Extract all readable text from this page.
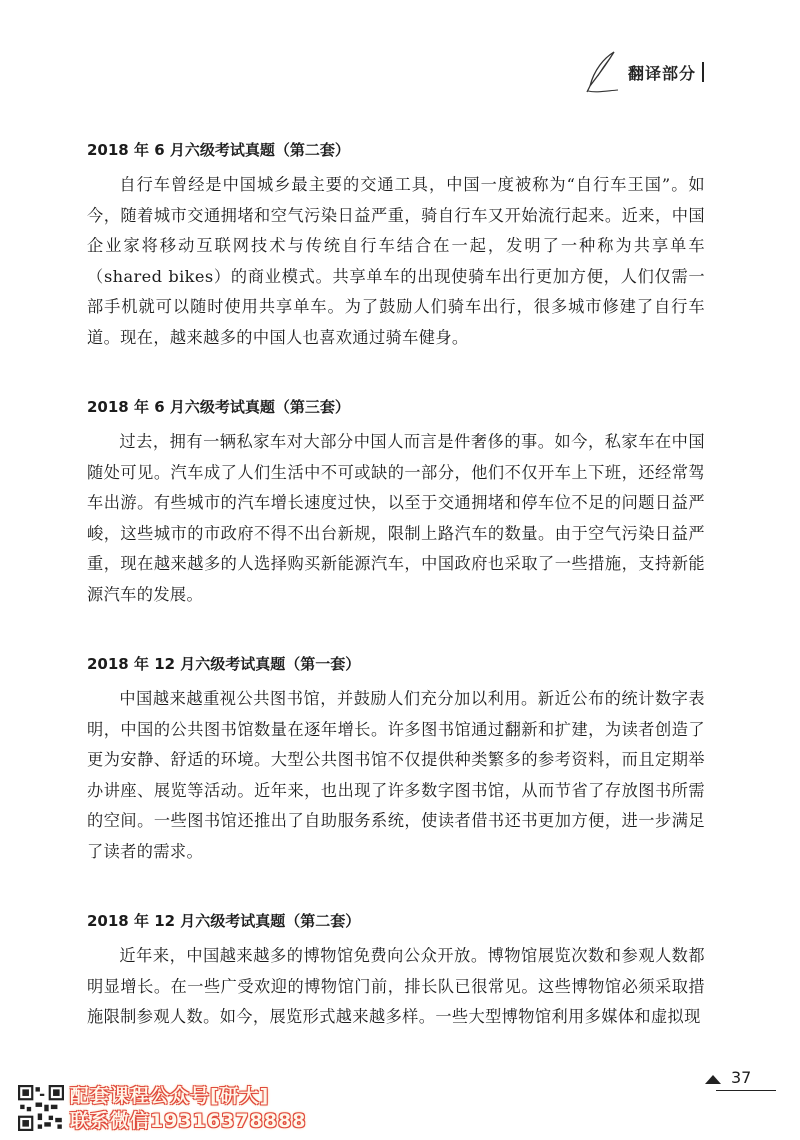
翻译部分
2018 年 6 月六级考试真题（第二套）

自行车曾经是中国城乡最主要的交通工具，中国一度被称为“自行车王国”。如今，随着城市交通拥堵和空气污染日益严重，骑自行车又开始流行起来。近来，中国企业家将移动互联网技术与传统自行车结合在一起，发明了一种称为共享单车（shared bikes）的商业模式。共享单车的出现使骑车出行更加方便，人们仅需一部手机就可以随时使用共享单车。为了鼓励人们骑车出行，很多城市修建了自行车道。现在，越来越多的中国人也喜欢通过骑车健身。

2018 年 6 月六级考试真题（第三套）

过去，拥有一辆私家车对大部分中国人而言是件奢侈的事。如今，私家车在中国随处可见。汽车成了人们生活中不可或缺的一部分，他们不仅开车上下班，还经常驾车出游。有些城市的汽车增长速度过快，以至于交通拥堵和停车位不足的问题日益严峻，这些城市的市政府不得不出台新规，限制上路汽车的数量。由于空气污染日益严重，现在越来越多的人选择购买新能源汽车，中国政府也采取了一些措施，支持新能源汽车的发展。

2018 年 12 月六级考试真题（第一套）

中国越来越重视公共图书馆，并鼓励人们充分加以利用。新近公布的统计数字表明，中国的公共图书馆数量在逐年增长。许多图书馆通过翻新和扩建，为读者创造了更为安静、舒适的环境。大型公共图书馆不仅提供种类繁多的参考资料，而且定期举办讲座、展览等活动。近年来，也出现了许多数字图书馆，从而节省了存放图书所需的空间。一些图书馆还推出了自助服务系统，使读者借书还书更加方便，进一步满足了读者的需求。

2018 年 12 月六级考试真题（第二套）

近年来，中国越来越多的博物馆免费向公众开放。博物馆展览次数和参观人数都明显增长。在一些广受欢迎的博物馆门前，排长队已很常见。这些博物馆必须采取措施限制参观人数。如今，展览形式越来越多样。一些大型博物馆利用多媒体和虚拟现

37
配套课程公众号[研大]
联系微信19316378888
